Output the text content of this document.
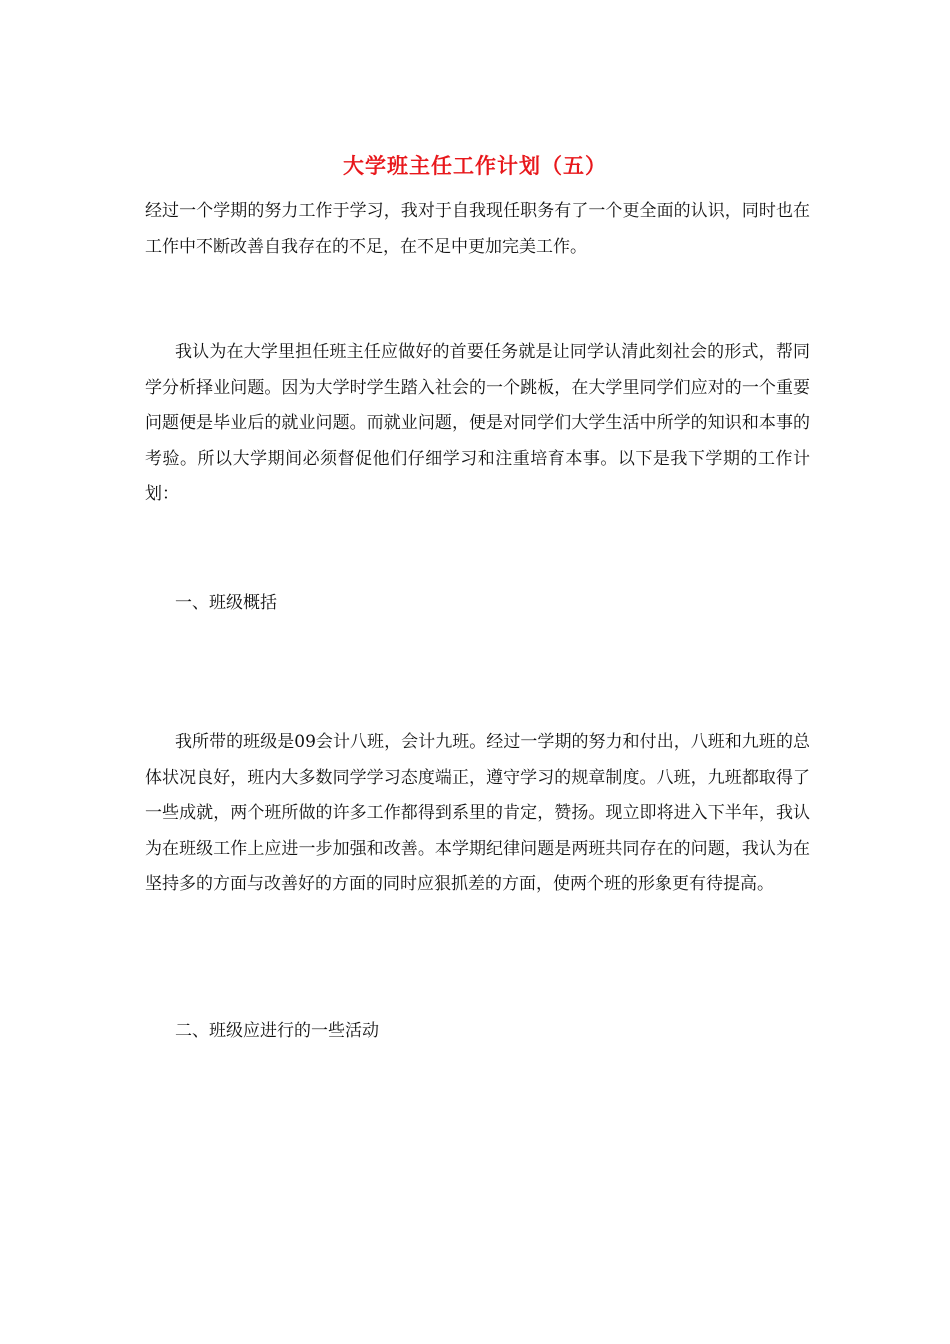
大学班主任工作计划（五）

经过一个学期的努力工作于学习，我对于自我现任职务有了一个更全面的认识，同时也在工作中不断改善自我存在的不足，在不足中更加完美工作。

我认为在大学里担任班主任应做好的首要任务就是让同学认清此刻社会的形式，帮同学分析择业问题。因为大学时学生踏入社会的一个跳板，在大学里同学们应对的一个重要问题便是毕业后的就业问题。而就业问题，便是对同学们大学生活中所学的知识和本事的考验。所以大学期间必须督促他们仔细学习和注重培育本事。以下是我下学期的工作计划：

一、班级概括

我所带的班级是09会计八班，会计九班。经过一学期的努力和付出，八班和九班的总体状况良好，班内大多数同学学习态度端正，遵守学习的规章制度。八班，九班都取得了一些成就，两个班所做的许多工作都得到系里的肯定，赞扬。现立即将进入下半年，我认为在班级工作上应进一步加强和改善。本学期纪律问题是两班共同存在的问题，我认为在坚持多的方面与改善好的方面的同时应狠抓差的方面，使两个班的形象更有待提高。

二、班级应进行的一些活动
